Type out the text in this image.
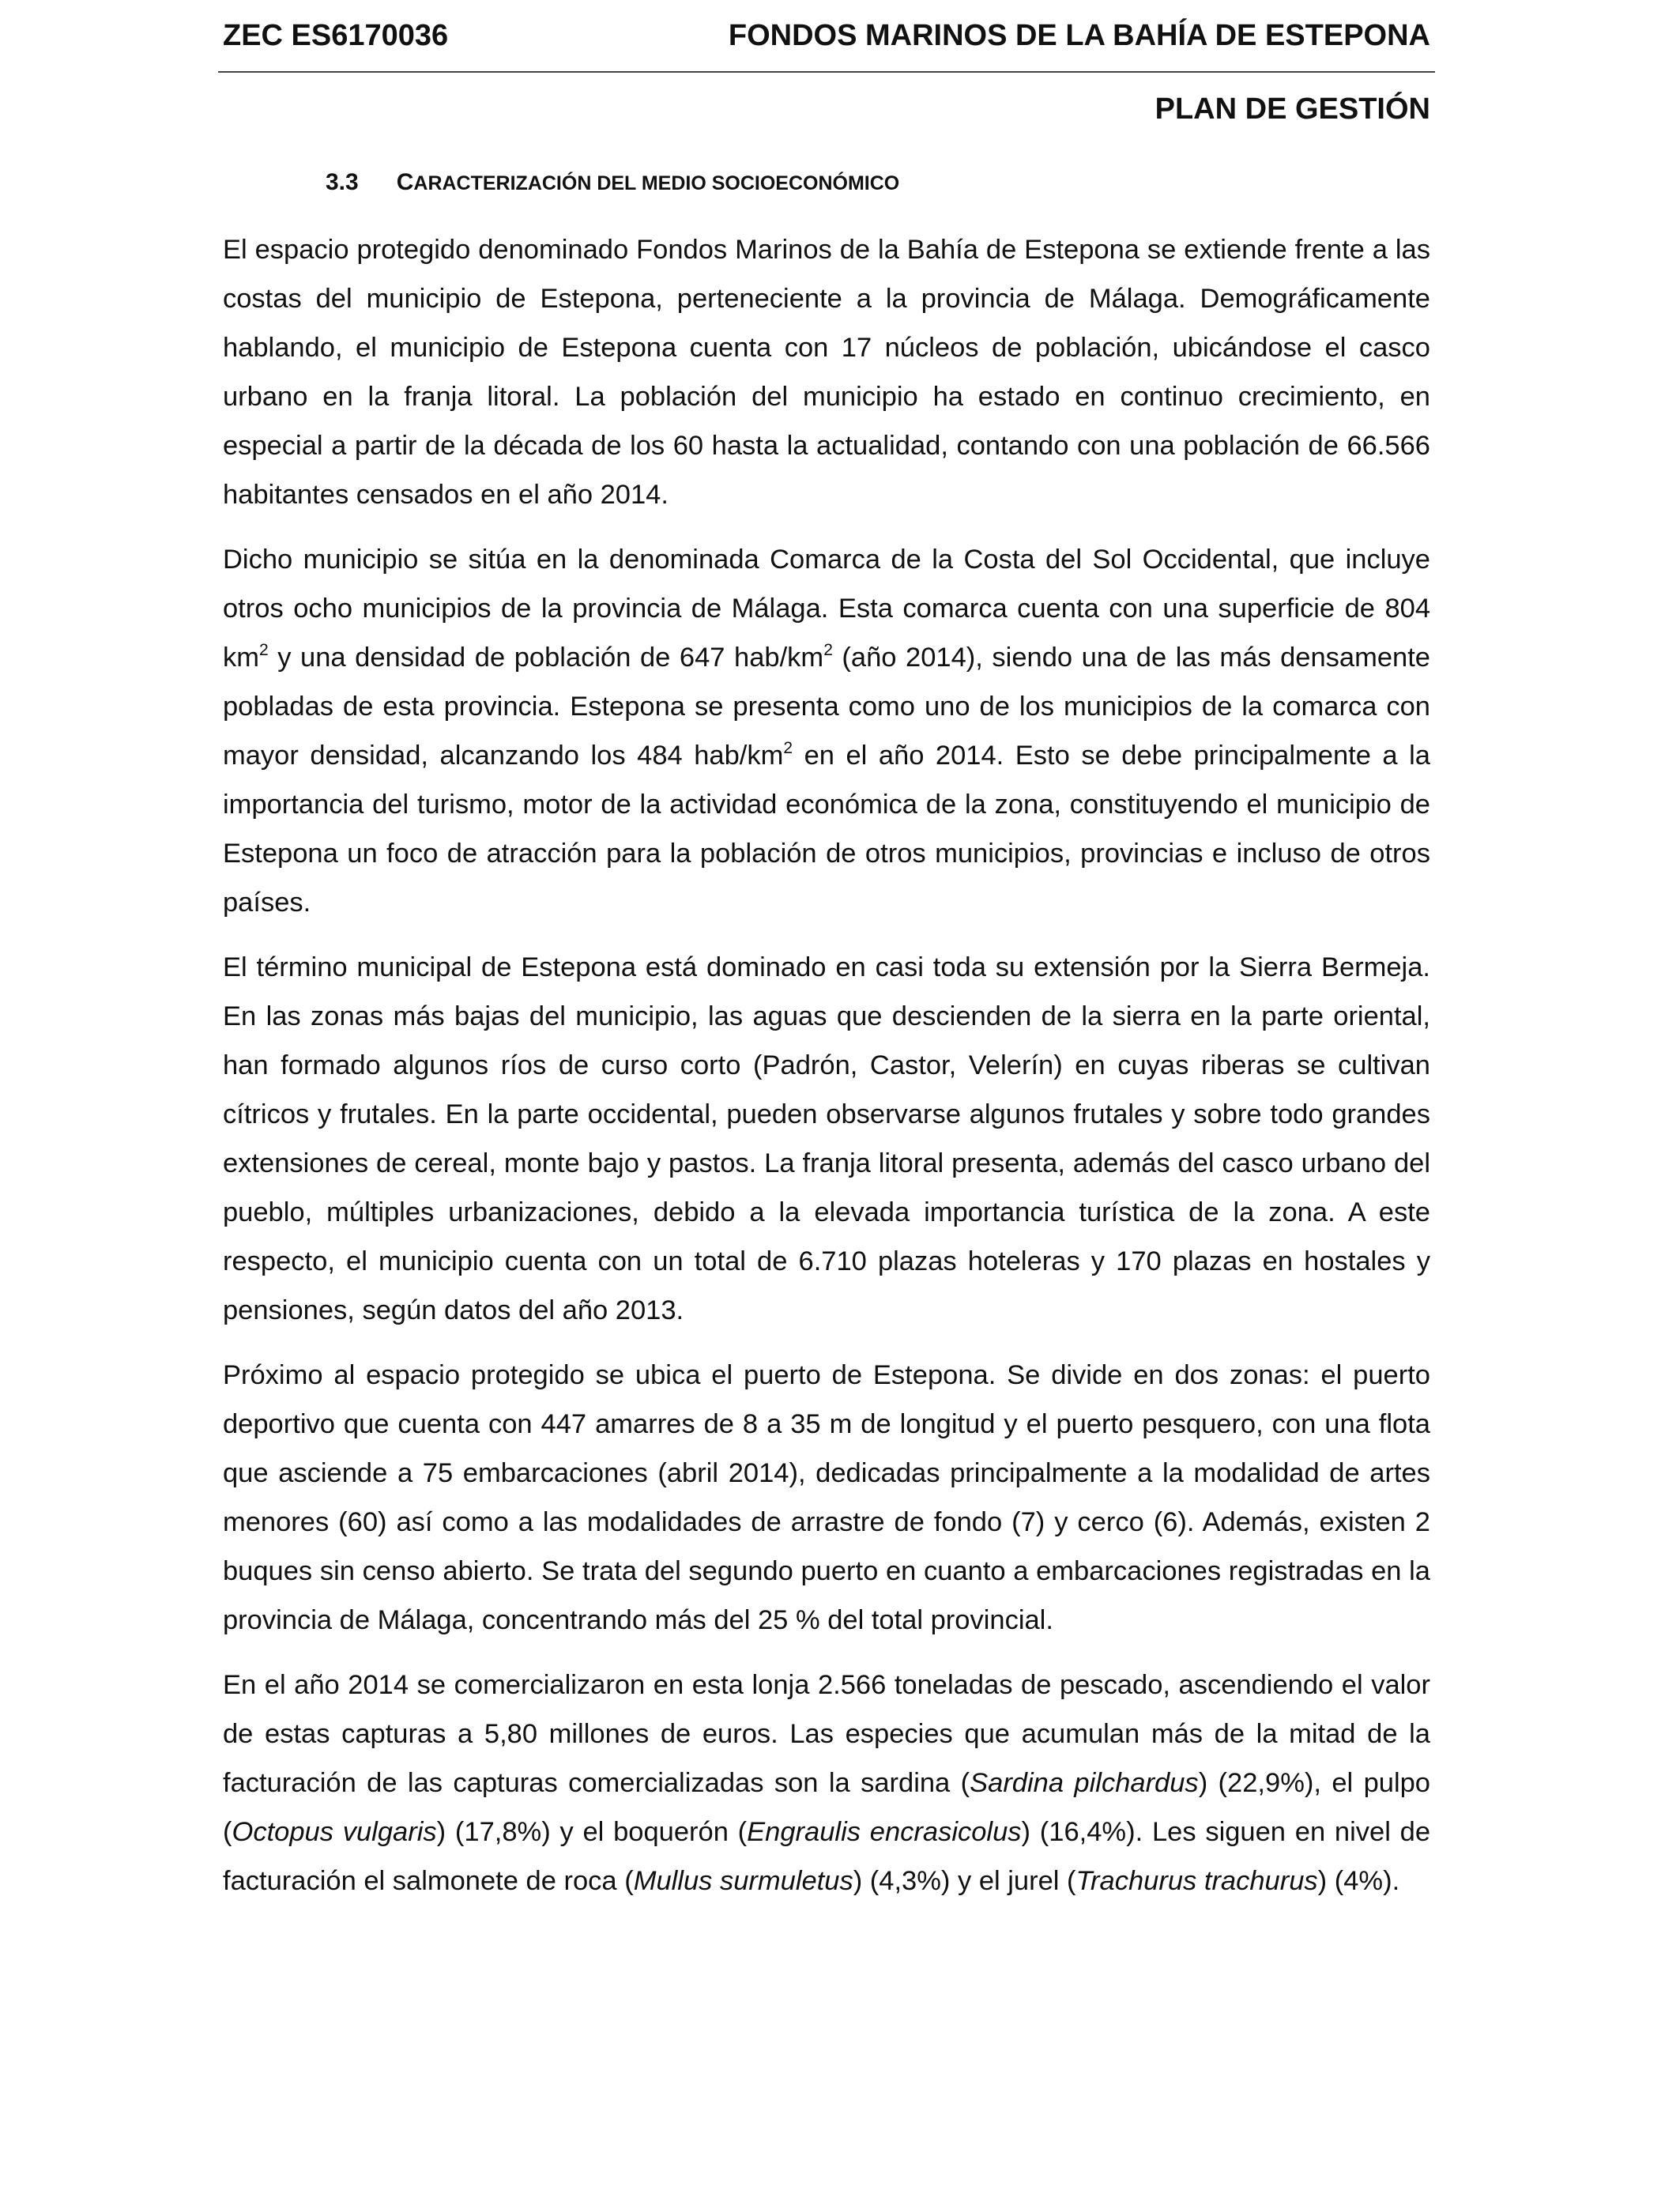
ZEC ES6170036	FONDOS MARINOS DE LA BAHÍA DE ESTEPONA
PLAN DE GESTIÓN
3.3 CARACTERIZACIÓN DEL MEDIO SOCIOECONÓMICO

El espacio protegido denominado Fondos Marinos de la Bahía de Estepona se extiende frente a las costas del municipio de Estepona, perteneciente a la provincia de Málaga. Demográficamente hablando, el municipio de Estepona cuenta con 17 núcleos de población, ubicándose el casco urbano en la franja litoral. La población del municipio ha estado en continuo crecimiento, en especial a partir de la década de los 60 hasta la actualidad, contando con una población de 66.566 habitantes censados en el año 2014.

Dicho municipio se sitúa en la denominada Comarca de la Costa del Sol Occidental, que incluye otros ocho municipios de la provincia de Málaga. Esta comarca cuenta con una superficie de 804 $km^2$ y una densidad de población de 647 hab/$km^2$ (año 2014), siendo una de las más densamente pobladas de esta provincia. Estepona se presenta como uno de los municipios de la comarca con mayor densidad, alcanzando los 484 hab/$km^2$ en el año 2014. Esto se debe principalmente a la importancia del turismo, motor de la actividad económica de la zona, constituyendo el municipio de Estepona un foco de atracción para la población de otros municipios, provincias e incluso de otros países.

El término municipal de Estepona está dominado en casi toda su extensión por la Sierra Bermeja. En las zonas más bajas del municipio, las aguas que descienden de la sierra en la parte oriental, han formado algunos ríos de curso corto (Padrón, Castor, Velerín) en cuyas riberas se cultivan cítricos y frutales. En la parte occidental, pueden observarse algunos frutales y sobre todo grandes extensiones de cereal, monte bajo y pastos. La franja litoral presenta, además del casco urbano del pueblo, múltiples urbanizaciones, debido a la elevada importancia turística de la zona. A este respecto, el municipio cuenta con un total de 6.710 plazas hoteleras y 170 plazas en hostales y pensiones, según datos del año 2013.

Próximo al espacio protegido se ubica el puerto de Estepona. Se divide en dos zonas: el puerto deportivo que cuenta con 447 amarres de 8 a 35 m de longitud y el puerto pesquero, con una flota que asciende a 75 embarcaciones (abril 2014), dedicadas principalmente a la modalidad de artes menores (60) así como a las modalidades de arrastre de fondo (7) y cerco (6). Además, existen 2 buques sin censo abierto. Se trata del segundo puerto en cuanto a embarcaciones registradas en la provincia de Málaga, concentrando más del 25 % del total provincial.

En el año 2014 se comercializaron en esta lonja 2.566 toneladas de pescado, ascendiendo el valor de estas capturas a 5,80 millones de euros. Las especies que acumulan más de la mitad de la facturación de las capturas comercializadas son la sardina (Sardina pilchardus) (22,9%), el pulpo (Octopus vulgaris) (17,8%) y el boquerón (Engraulis encrasicolus) (16,4%). Les siguen en nivel de facturación el salmonete de roca (Mullus surmuletus) (4,3%) y el jurel (Trachurus trachurus) (4%).
